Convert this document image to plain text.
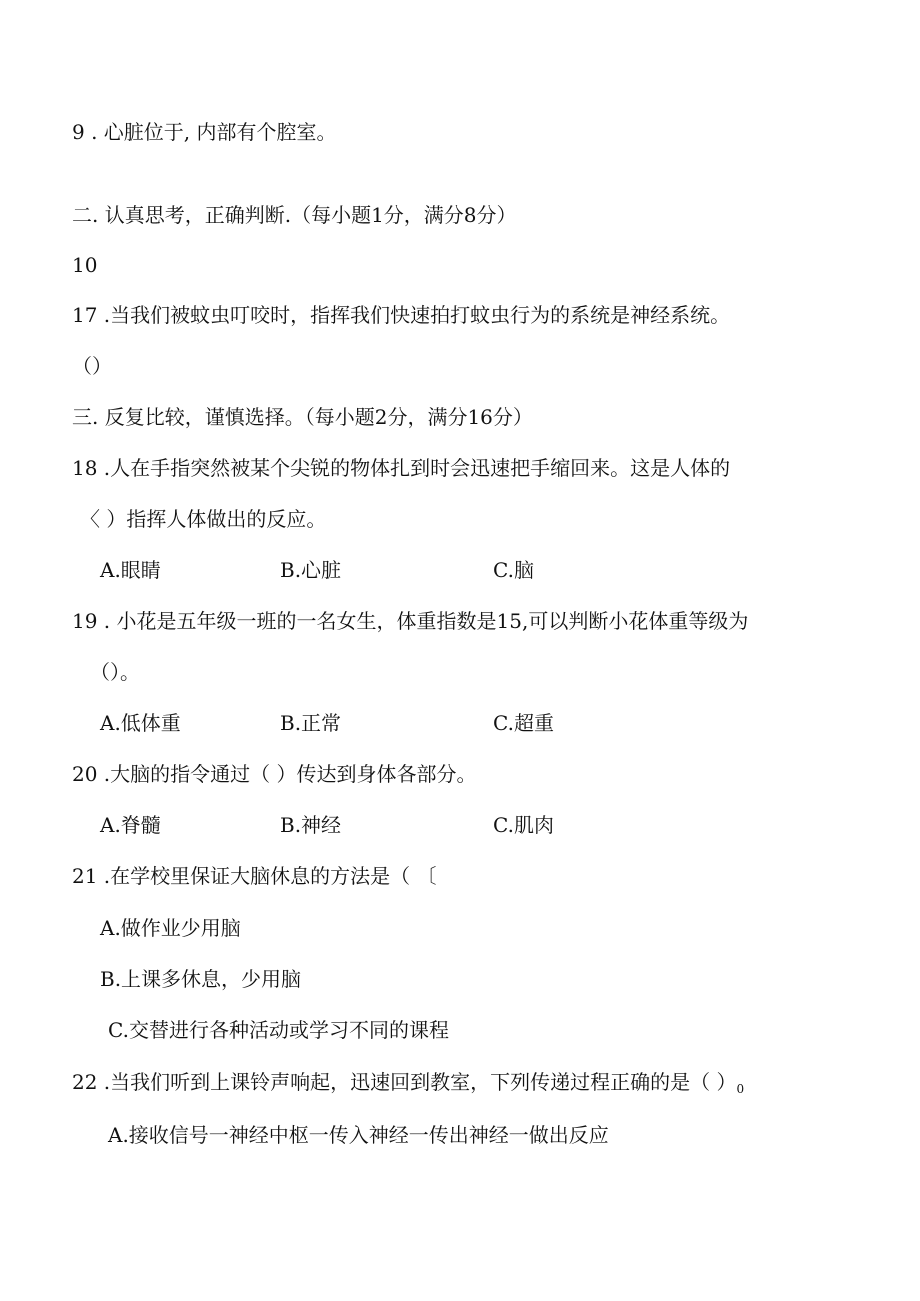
9 . 心脏位于, 内部有个腔室。
二. 认真思考，正确判断.（每小题1分，满分8分）
10
17 .当我们被蚊虫叮咬时，指挥我们快速拍打蚊虫行为的系统是神经系统。
（）
三. 反复比较，谨慎选择。（每小题2分，满分16分）
18 .人在手指突然被某个尖锐的物体扎到时会迅速把手缩回来。这是人体的
〈 ）指挥人体做出的反应。
A.眼睛	B.心脏	C.脑
19 . 小花是五年级一班的一名女生，体重指数是15,可以判断小花体重等级为
（）。
A.低体重	B.正常	C.超重
20 .大脑的指令通过（ ）传达到身体各部分。
A.脊髓	B.神经	C.肌肉
21 .在学校里保证大脑休息的方法是（ 〔
A.做作业少用脑
B.上课多休息，少用脑
C.交替进行各种活动或学习不同的课程
22 .当我们听到上课铃声响起，迅速回到教室，下列传递过程正确的是（ ）$_0$
A.接收信号一神经中枢一传入神经一传出神经一做出反应
